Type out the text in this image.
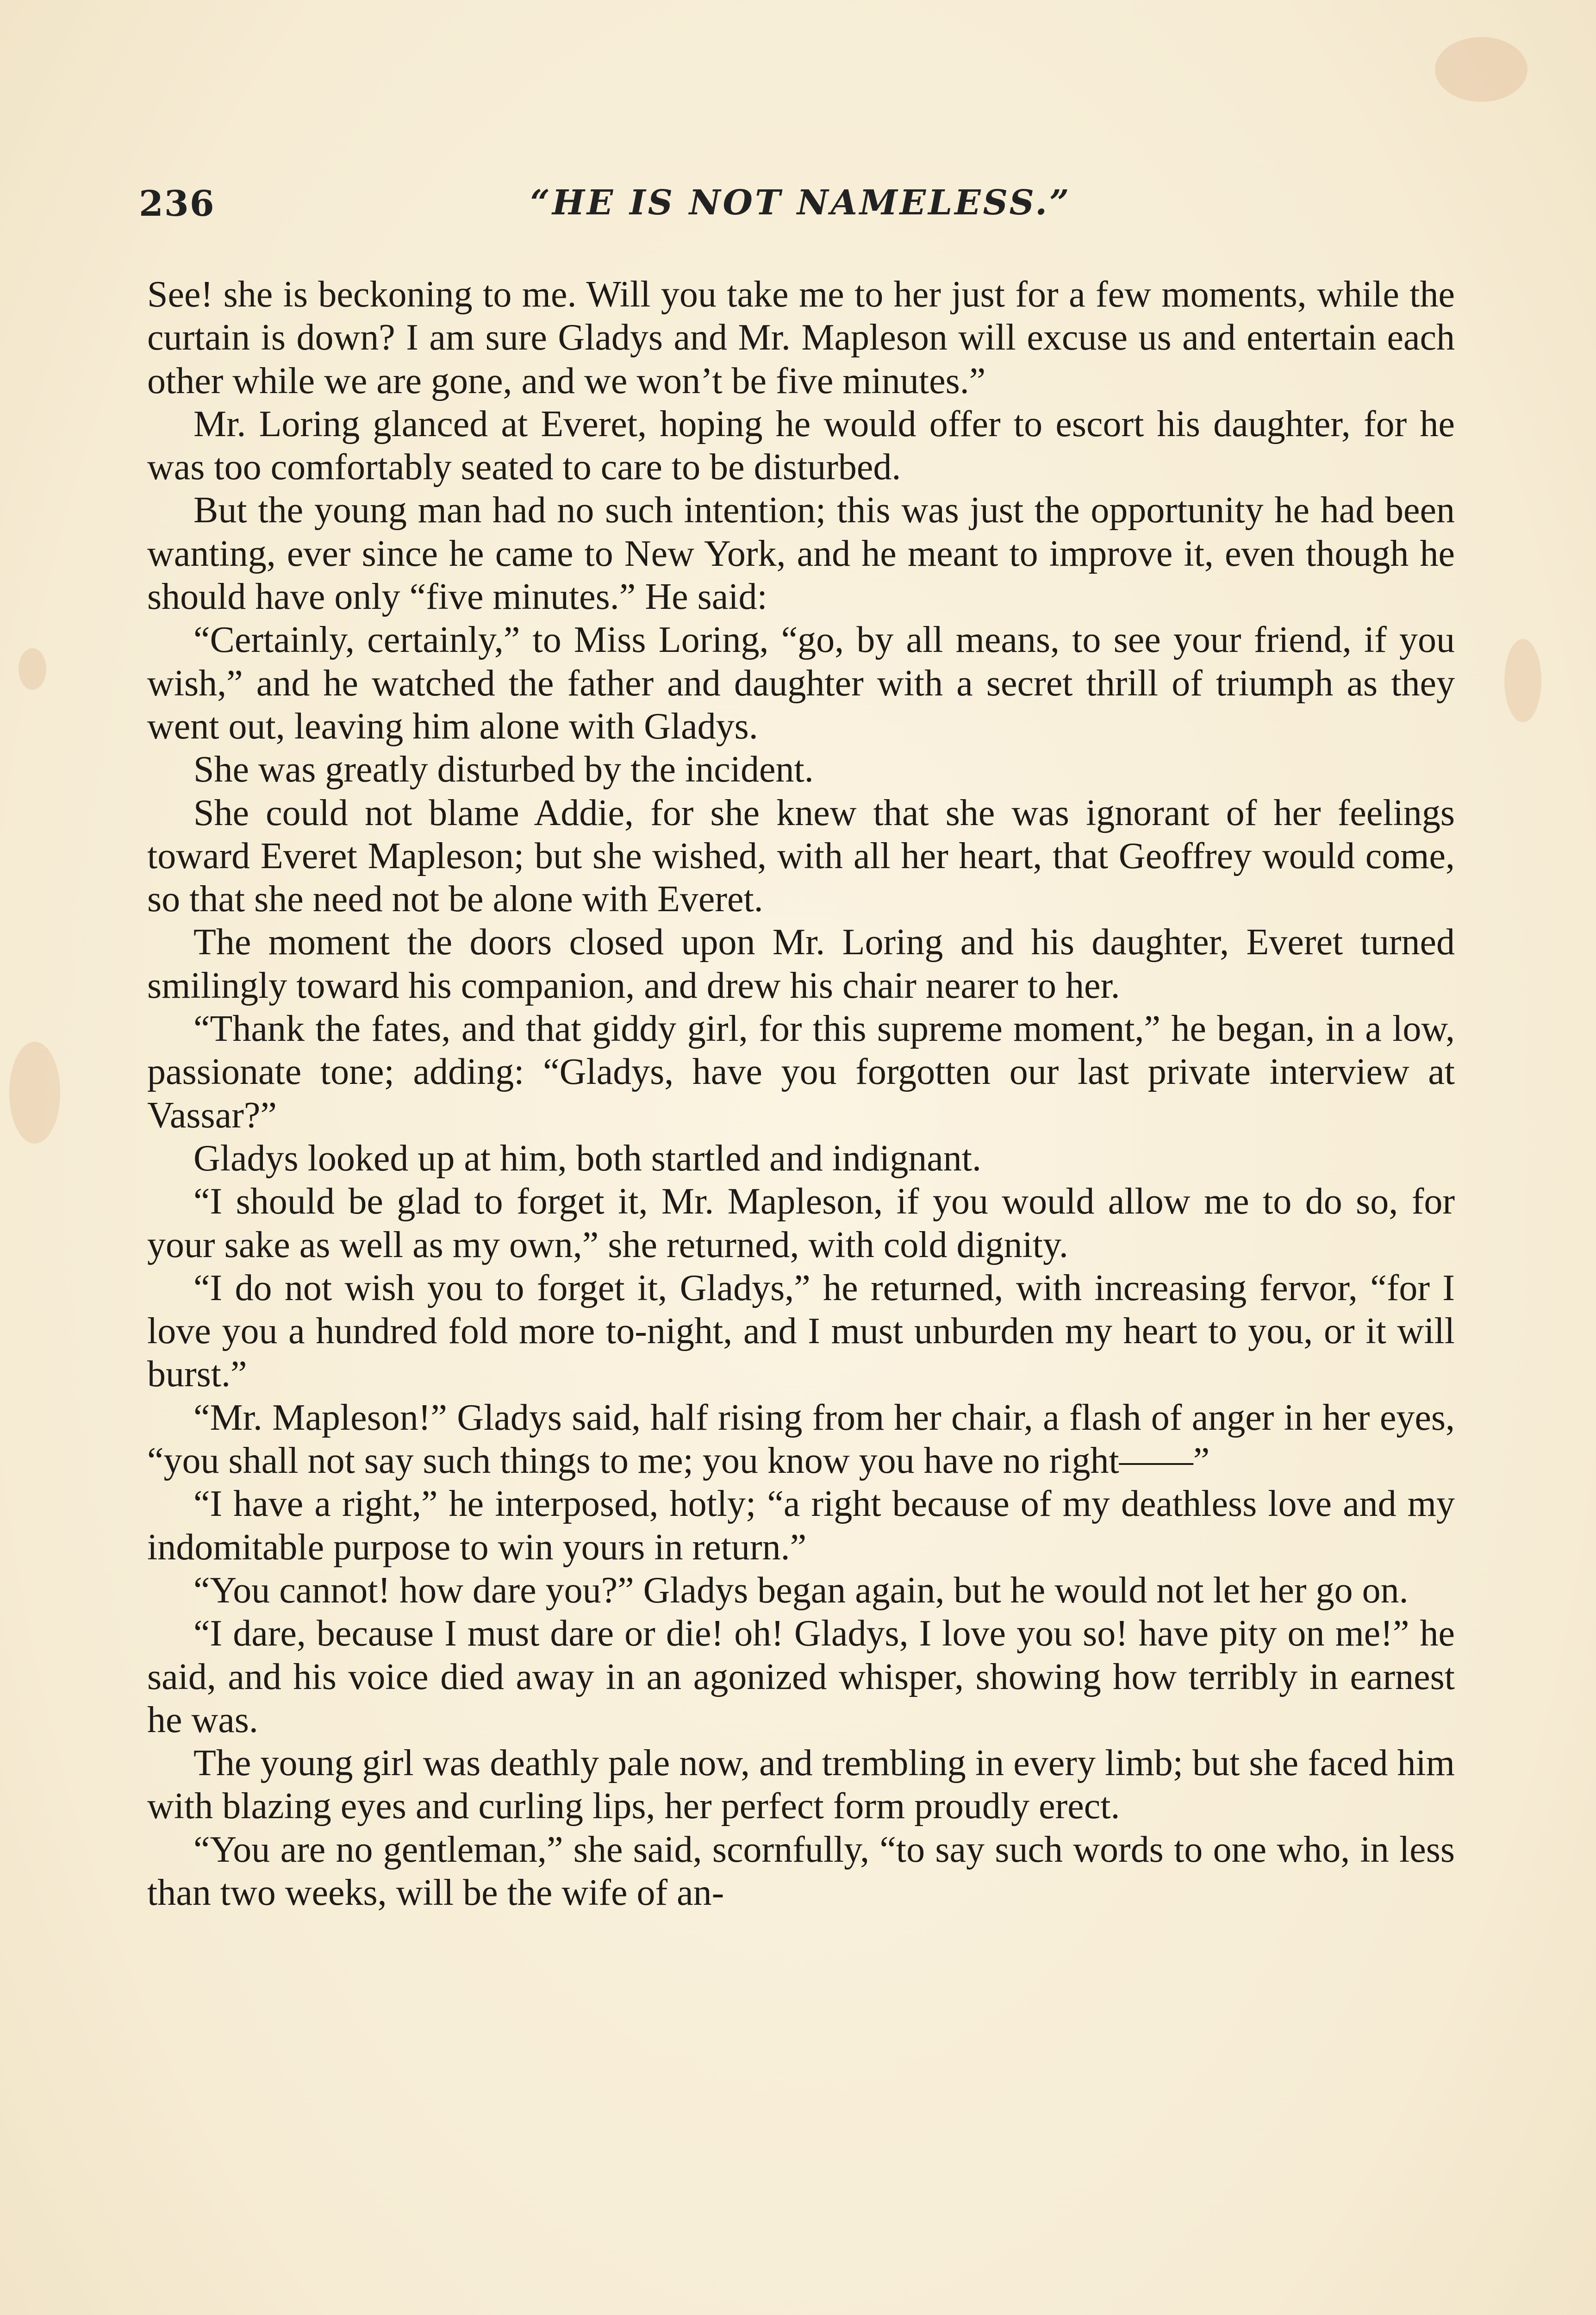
236	“HE IS NOT NAMELESS.”

See! she is beckoning to me. Will you take me to her just for a few moments, while the curtain is down? I am sure Gladys and Mr. Mapleson will excuse us and entertain each other while we are gone, and we won’t be five minutes.”

Mr. Loring glanced at Everet, hoping he would offer to escort his daughter, for he was too comfortably seated to care to be disturbed.

But the young man had no such intention; this was just the opportunity he had been wanting, ever since he came to New York, and he meant to improve it, even though he should have only “five minutes.” He said:

“Certainly, certainly,” to Miss Loring, “go, by all means, to see your friend, if you wish,” and he watched the father and daughter with a secret thrill of triumph as they went out, leaving him alone with Gladys.

She was greatly disturbed by the incident.

She could not blame Addie, for she knew that she was ignorant of her feelings toward Everet Mapleson; but she wished, with all her heart, that Geoffrey would come, so that she need not be alone with Everet.

The moment the doors closed upon Mr. Loring and his daughter, Everet turned smilingly toward his companion, and drew his chair nearer to her.

“Thank the fates, and that giddy girl, for this supreme moment,” he began, in a low, passionate tone; adding: “Gladys, have you forgotten our last private interview at Vassar?”

Gladys looked up at him, both startled and indignant.

“I should be glad to forget it, Mr. Mapleson, if you would allow me to do so, for your sake as well as my own,” she returned, with cold dignity.

“I do not wish you to forget it, Gladys,” he returned, with increasing fervor, “for I love you a hundred fold more to-night, and I must unburden my heart to you, or it will burst.”

“Mr. Mapleson!” Gladys said, half rising from her chair, a flash of anger in her eyes, “you shall not say such things to me; you know you have no right——”

“I have a right,” he interposed, hotly; “a right because of my deathless love and my indomitable purpose to win yours in return.”

“You cannot! how dare you?” Gladys began again, but he would not let her go on.

“I dare, because I must dare or die! oh! Gladys, I love you so! have pity on me!” he said, and his voice died away in an agonized whisper, showing how terribly in earnest he was.

The young girl was deathly pale now, and trembling in every limb; but she faced him with blazing eyes and curling lips, her perfect form proudly erect.

“You are no gentleman,” she said, scornfully, “to say such words to one who, in less than two weeks, will be the wife of an-
